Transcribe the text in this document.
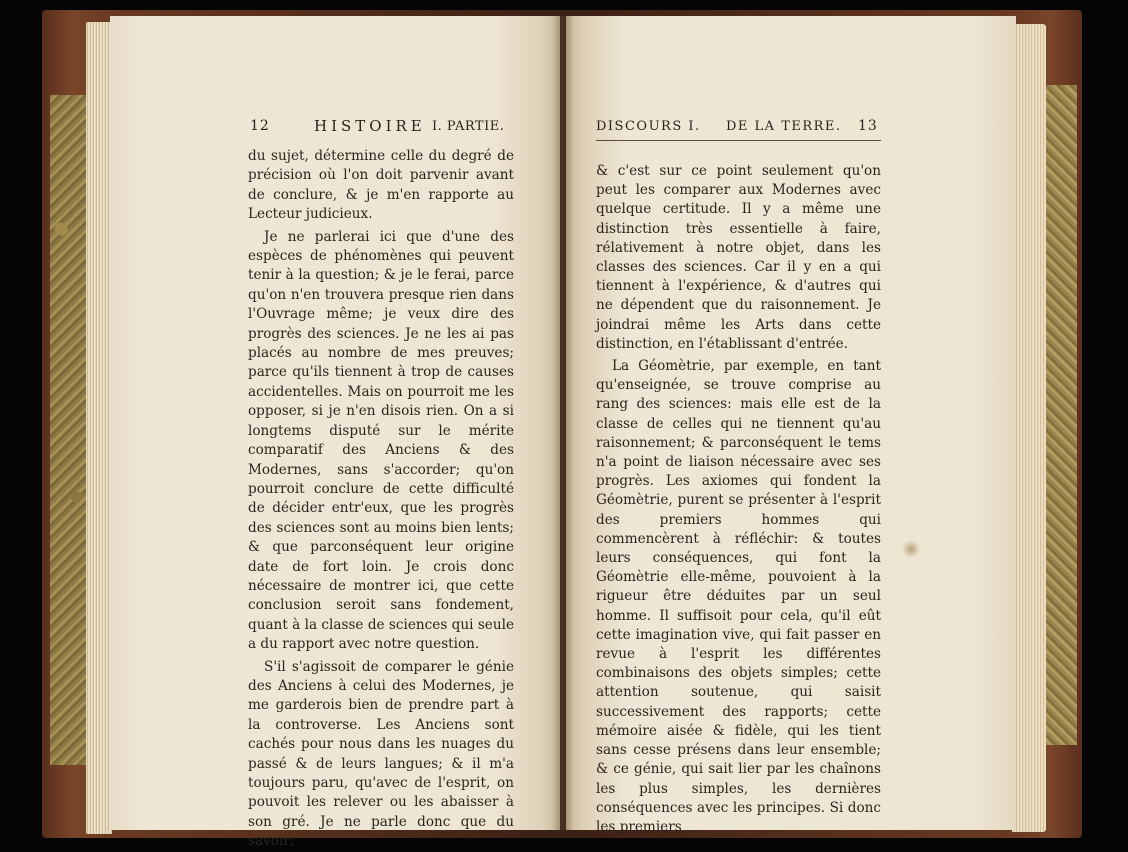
12	HISTOIRE I. PARTIE.

du sujet, détermine celle du degré de précision où l'on doit parvenir avant de conclure, & je m'en rapporte au Lecteur judicieux.

Je ne parlerai ici que d'une des espèces de phénomènes qui peuvent tenir à la question; & je le ferai, parce qu'on n'en trouvera presque rien dans l'Ouvrage même; je veux dire des progrès des sciences. Je ne les ai pas placés au nombre de mes preuves; parce qu'ils tiennent à trop de causes accidentelles. Mais on pourroit me les opposer, si je n'en disois rien. On a si longtems disputé sur le mérite comparatif des Anciens & des Modernes, sans s'accorder; qu'on pourroit conclure de cette difficulté de décider entr'eux, que les progrès des sciences sont au moins bien lents; & que parconséquent leur origine date de fort loin. Je crois donc nécessaire de montrer ici, que cette conclusion seroit sans fondement, quant à la classe de sciences qui seule a du rapport avec notre question.

S'il s'agissoit de comparer le génie des Anciens à celui des Modernes, je me garderois bien de prendre part à la controverse. Les Anciens sont cachés pour nous dans les nuages du passé & de leurs langues; & il m'a toujours paru, qu'avec de l'esprit, on pouvoit les relever ou les abaisser à son gré. Je ne parle donc que du savoir;

DISCOURS I. DE LA TERRE. 13

& c'est sur ce point seulement qu'on peut les comparer aux Modernes avec quelque certitude. Il y a même une distinction très essentielle à faire, rélativement à notre objet, dans les classes des sciences. Car il y en a qui tiennent à l'expérience, & d'autres qui ne dépendent que du raisonnement. Je joindrai même les Arts dans cette distinction, en l'établissant d'entrée.

La Géomètrie, par exemple, en tant qu'enseignée, se trouve comprise au rang des sciences: mais elle est de la classe de celles qui ne tiennent qu'au raisonnement; & parconséquent le tems n'a point de liaison nécessaire avec ses progrès. Les axiomes qui fondent la Géomètrie, purent se présenter à l'esprit des premiers hommes qui commencèrent à réfléchir: & toutes leurs conséquences, qui font la Géomètrie elle-même, pouvoient à la rigueur être déduites par un seul homme. Il suffisoit pour cela, qu'il eût cette imagination vive, qui fait passer en revue à l'esprit les différentes combinaisons des objets simples; cette attention soutenue, qui saisit successivement des rapports; cette mémoire aisée & fidèle, qui les tient sans cesse présens dans leur ensemble; & ce génie, qui sait lier par les chaînons les plus simples, les dernières conséquences avec les principes. Si donc les premiers
